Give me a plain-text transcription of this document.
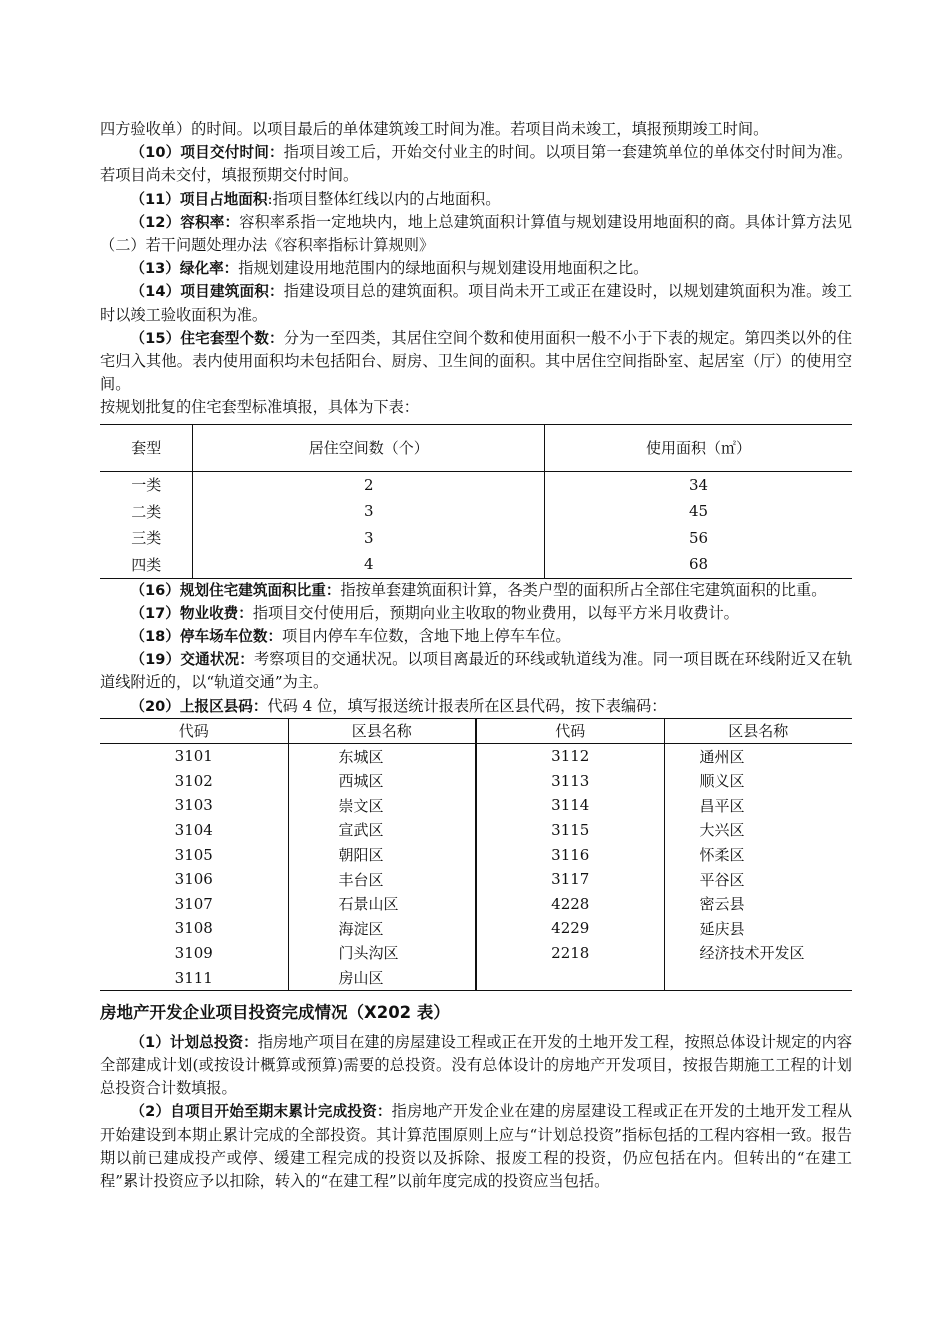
四方验收单）的时间。以项目最后的单体建筑竣工时间为准。若项目尚未竣工，填报预期竣工时间。

（10）项目交付时间：指项目竣工后，开始交付业主的时间。以项目第一套建筑单位的单体交付时间为准。若项目尚未交付，填报预期交付时间。

（11）项目占地面积:指项目整体红线以内的占地面积。

（12）容积率：容积率系指一定地块内，地上总建筑面积计算值与规划建设用地面积的商。具体计算方法见（二）若干问题处理办法《容积率指标计算规则》

（13）绿化率：指规划建设用地范围内的绿地面积与规划建设用地面积之比。

（14）项目建筑面积：指建设项目总的建筑面积。项目尚未开工或正在建设时，以规划建筑面积为准。竣工时以竣工验收面积为准。

（15）住宅套型个数：分为一至四类，其居住空间个数和使用面积一般不小于下表的规定。第四类以外的住宅归入其他。表内使用面积均未包括阳台、厨房、卫生间的面积。其中居住空间指卧室、起居室（厅）的使用空间。

按规划批复的住宅套型标准填报，具体为下表：

套型	居住空间数（个）	使用面积（㎡）
一类	2	34
二类	3	45
三类	3	56
四类	4	68

（16）规划住宅建筑面积比重：指按单套建筑面积计算，各类户型的面积所占全部住宅建筑面积的比重。

（17）物业收费：指项目交付使用后，预期向业主收取的物业费用，以每平方米月收费计。

（18）停车场车位数：项目内停车车位数，含地下地上停车车位。

（19）交通状况：考察项目的交通状况。以项目离最近的环线或轨道线为准。同一项目既在环线附近又在轨道线附近的，以“轨道交通”为主。

（20）上报区县码：代码 4 位，填写报送统计报表所在区县代码，按下表编码：

代码	区县名称	代码	区县名称
3101	东城区	3112	通州区
3102	西城区	3113	顺义区
3103	崇文区	3114	昌平区
3104	宣武区	3115	大兴区
3105	朝阳区	3116	怀柔区
3106	丰台区	3117	平谷区
3107	石景山区	4228	密云县
3108	海淀区	4229	延庆县
3109	门头沟区	2218	经济技术开发区
3111	房山区		
房地产开发企业项目投资完成情况（X202 表）

（1）计划总投资：指房地产项目在建的房屋建设工程或正在开发的土地开发工程，按照总体设计规定的内容全部建成计划(或按设计概算或预算)需要的总投资。没有总体设计的房地产开发项目，按报告期施工工程的计划总投资合计数填报。

（2）自项目开始至期末累计完成投资：指房地产开发企业在建的房屋建设工程或正在开发的土地开发工程从开始建设到本期止累计完成的全部投资。其计算范围原则上应与“计划总投资”指标包括的工程内容相一致。报告期以前已建成投产或停、缓建工程完成的投资以及拆除、报废工程的投资，仍应包括在内。但转出的“在建工程”累计投资应予以扣除，转入的“在建工程”以前年度完成的投资应当包括。
